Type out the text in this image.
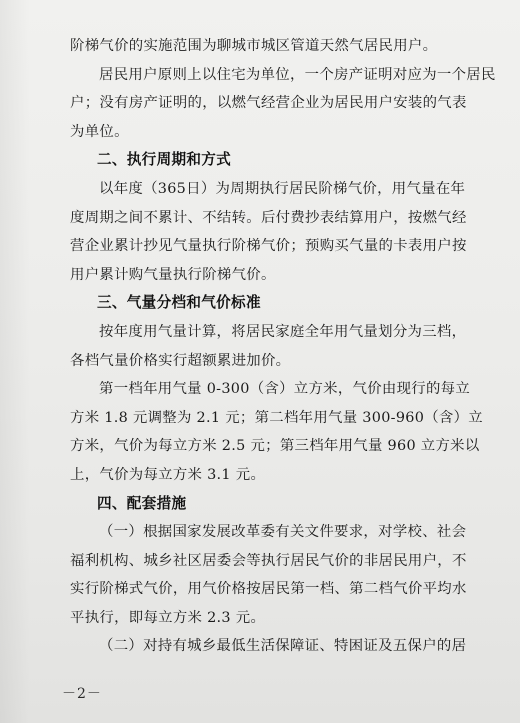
阶梯气价的实施范围为聊城市城区管道天然气居民用户。
居民用户原则上以住宅为单位，一个房产证明对应为一个居民
户；没有房产证明的，以燃气经营企业为居民用户安装的气表
为单位。
二、执行周期和方式
以年度（365日）为周期执行居民阶梯气价，用气量在年
度周期之间不累计、不结转。后付费抄表结算用户，按燃气经
营企业累计抄见气量执行阶梯气价；预购买气量的卡表用户按
用户累计购气量执行阶梯气价。
三、气量分档和气价标准
按年度用气量计算，将居民家庭全年用气量划分为三档，
各档气量价格实行超额累进加价。
第一档年用气量 0-300（含）立方米，气价由现行的每立
方米 1.8 元调整为 2.1 元；第二档年用气量 300-960（含）立
方米，气价为每立方米 2.5 元；第三档年用气量 960 立方米以
上，气价为每立方米 3.1 元。
四、配套措施
（一）根据国家发展改革委有关文件要求，对学校、社会
福利机构、城乡社区居委会等执行居民气价的非居民用户，不
实行阶梯式气价，用气价格按居民第一档、第二档气价平均水
平执行，即每立方米 2.3 元。
（二）对持有城乡最低生活保障证、特困证及五保户的居
－2－
